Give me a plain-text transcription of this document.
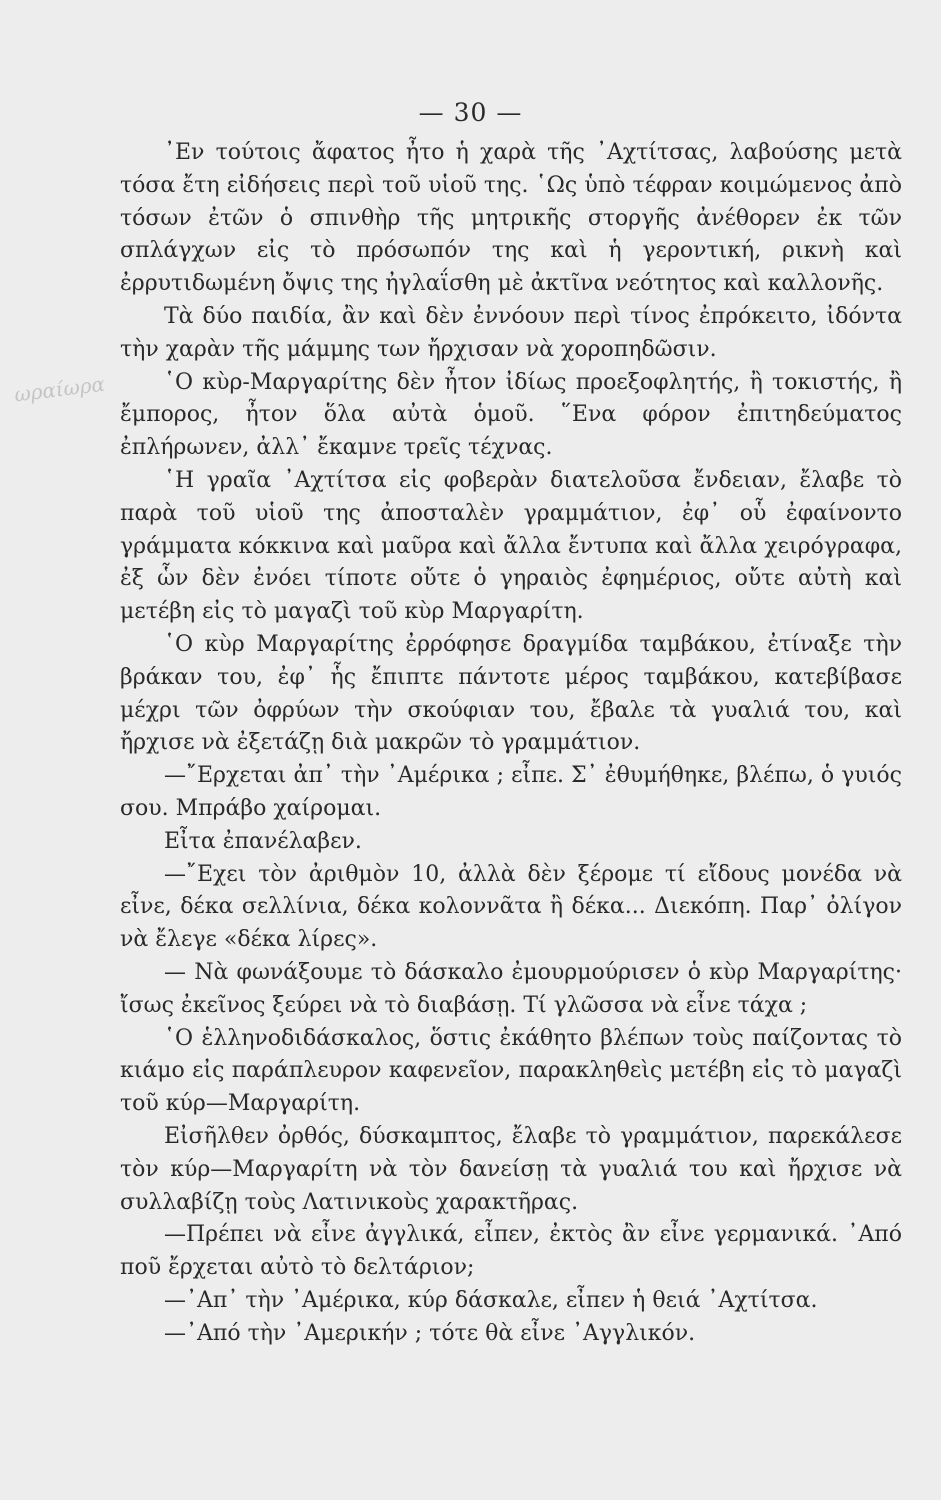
— 30 —
ωραίωρα

᾿Εν τούτοις ἄφατος ἦτο ἡ χαρὰ τῆς ᾿Αχτίτσας, λαβούσης μετὰ τόσα ἔτη εἰδήσεις περὶ τοῦ υἱοῦ της. ῾Ως ὑπὸ τέφραν κοιμώμενος ἀπὸ τόσων ἐτῶν ὁ σπινθὴρ τῆς μητρικῆς στοργῆς ἀνέθορεν ἐκ τῶν σπλάγχων εἰς τὸ πρόσωπόν της καὶ ἡ γεροντική, ρικνὴ καὶ ἐρρυτιδωμένη ὄψις της ἠγλαΐσθη μὲ ἀκτῖνα νεότητος καὶ καλλονῆς.

Τὰ δύο παιδία, ἂν καὶ δὲν ἐννόουν περὶ τίνος ἐπρόκειτο, ἰδόντα τὴν χαρὰν τῆς μάμμης των ἤρχισαν νὰ χοροπηδῶσιν.

῾Ο κὺρ-Μαργαρίτης δὲν ἦτον ἰδίως προεξοφλητής, ἢ τοκιστής, ἢ ἔμπορος, ἦτον ὅλα αὐτὰ ὁμοῦ. ῞Ενα φόρον ἐπιτηδεύματος ἐπλήρωνεν, ἀλλ᾿ ἔκαμνε τρεῖς τέχνας.

῾Η γραῖα ᾿Αχτίτσα εἰς φοβερὰν διατελοῦσα ἔνδειαν, ἔλαβε τὸ παρὰ τοῦ υἱοῦ της ἀποσταλὲν γραμμάτιον, ἐφ᾿ οὗ ἐφαίνοντο γράμματα κόκκινα καὶ μαῦρα καὶ ἄλλα ἔντυπα καὶ ἄλλα χειρόγραφα, ἐξ ὧν δὲν ἐνόει τίποτε οὔτε ὁ γηραιὸς ἐφημέριος, οὔτε αὐτὴ καὶ μετέβη εἰς τὸ μαγαζὶ τοῦ κὺρ Μαργαρίτη.

῾Ο κὺρ Μαργαρίτης ἐρρόφησε δραγμίδα ταμβάκου, ἐτίναξε τὴν βράκαν του, ἐφ᾿ ἧς ἔπιπτε πάντοτε μέρος ταμβάκου, κατεβίβασε μέχρι τῶν ὀφρύων τὴν σκούφιαν του, ἔβαλε τὰ γυαλιά του, καὶ ἤρχισε νὰ ἐξετάζῃ διὰ μακρῶν τὸ γραμμάτιον.

—῎Ερχεται ἀπ᾿ τὴν ᾿Αμέρικα ; εἶπε. Σ᾿ ἐθυμήθηκε, βλέπω, ὁ γυιός σου. Μπράβο χαίρομαι.

Εἶτα ἐπανέλαβεν.

—῎Εχει τὸν ἀριθμὸν 10, ἀλλὰ δὲν ξέρομε τί εἴδους μονέδα νὰ εἶνε, δέκα σελλίνια, δέκα κολοννᾶτα ἢ δέκα... Διεκόπη. Παρ᾿ ὀλίγον νὰ ἔλεγε «δέκα λίρες».

— Νὰ φωνάξουμε τὸ δάσκαλο ἐμουρμούρισεν ὁ κὺρ Μαργαρίτης· ἴσως ἐκεῖνος ξεύρει νὰ τὸ διαβάσῃ. Τί γλῶσσα νὰ εἶνε τάχα ;

῾Ο ἑλληνοδιδάσκαλος, ὅστις ἐκάθητο βλέπων τοὺς παίζοντας τὸ κιάμο εἰς παράπλευρον καφενεῖον, παρακληθεὶς μετέβη εἰς τὸ μαγαζὶ τοῦ κύρ—Μαργαρίτη.

Εἰσῆλθεν ὀρθός, δύσκαμπτος, ἔλαβε τὸ γραμμάτιον, παρεκάλεσε τὸν κύρ—Μαργαρίτη νὰ τὸν δανείσῃ τὰ γυαλιά του καὶ ἤρχισε νὰ συλλαβίζῃ τοὺς Λατινικοὺς χαρακτῆρας.

—Πρέπει νὰ εἶνε ἀγγλικά, εἶπεν, ἐκτὸς ἂν εἶνε γερμανικά. ᾿Από ποῦ ἔρχεται αὐτὸ τὸ δελτάριον;

—᾿Απ᾿ τὴν ᾿Αμέρικα, κύρ δάσκαλε, εἶπεν ἡ θειά ᾿Αχτίτσα.

—᾿Από τὴν ᾿Αμερικήν ; τότε θὰ εἶνε ᾿Αγγλικόν.
